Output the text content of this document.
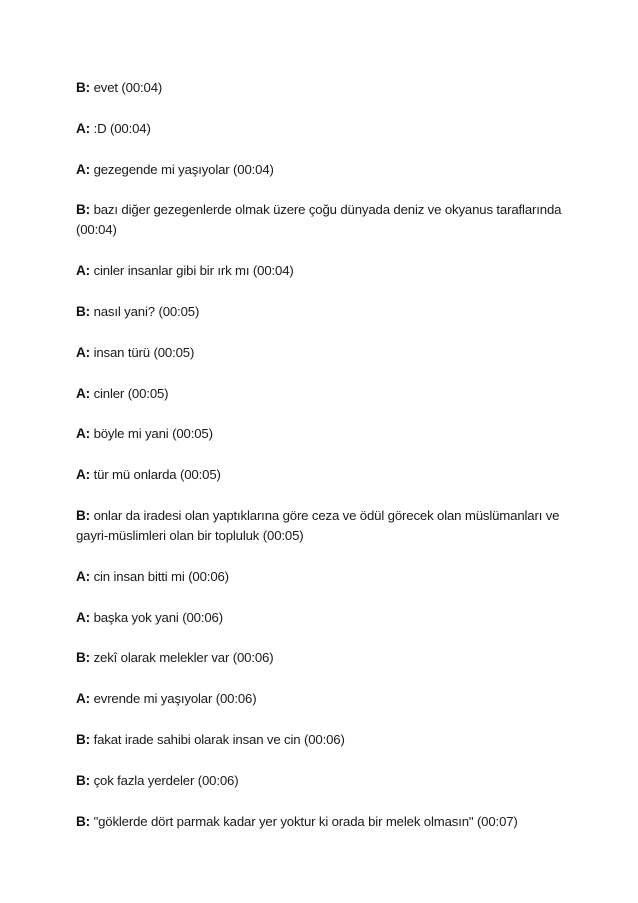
B: evet (00:04)

A: :D (00:04)

A: gezegende mi yaşıyolar (00:04)

B: bazı diğer gezegenlerde olmak üzere çoğu dünyada deniz ve okyanus taraflarında (00:04)

A: cinler insanlar gibi bir ırk mı (00:04)

B: nasıl yani? (00:05)

A: insan türü (00:05)

A: cinler (00:05)

A: böyle mi yani (00:05)

A: tür mü onlarda (00:05)

B: onlar da iradesi olan yaptıklarına göre ceza ve ödül görecek olan müslümanları ve gayri-müslimleri olan bir topluluk (00:05)

A: cin insan bitti mi (00:06)

A: başka yok yani (00:06)

B: zekî olarak melekler var (00:06)

A: evrende mi yaşıyolar (00:06)

B: fakat irade sahibi olarak insan ve cin (00:06)

B: çok fazla yerdeler (00:06)

B: "göklerde dört parmak kadar yer yoktur ki orada bir melek olmasın" (00:07)
